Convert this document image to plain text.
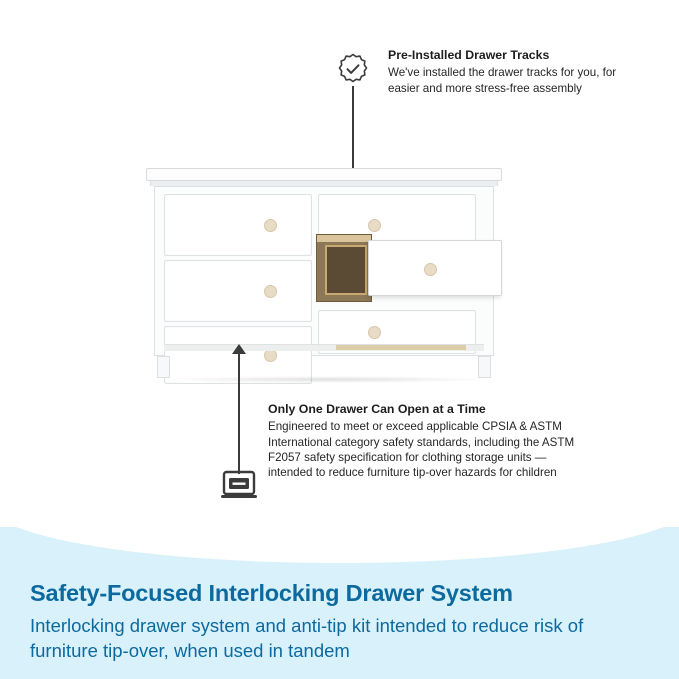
Pre-Installed Drawer Tracks

We've installed the drawer tracks for you, for easier and more stress-free assembly

Only One Drawer Can Open at a Time

Engineered to meet or exceed applicable CPSIA & ASTM International category safety standards, including the ASTM F2057 safety specification for clothing storage units — intended to reduce furniture tip-over hazards for children

Safety-Focused Interlocking Drawer System

Interlocking drawer system and anti-tip kit intended to reduce risk of furniture tip-over, when used in tandem
